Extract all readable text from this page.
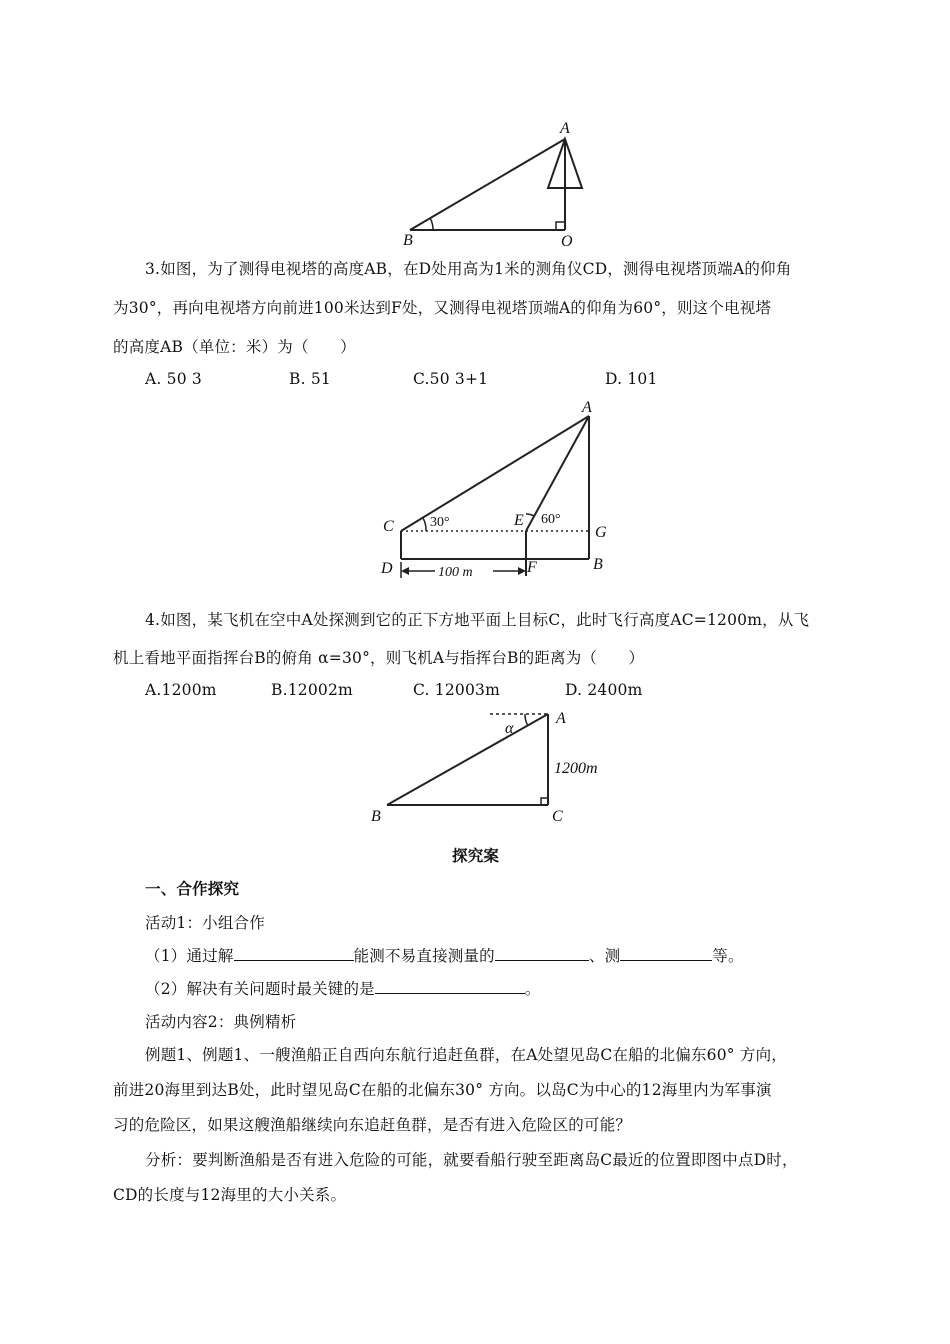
A
B	O
3.如图，为了测得电视塔的高度AB，在D处用高为1米的测角仪CD，测得电视塔顶端A的仰角
为30°，再向电视塔方向前进100米达到F处，又测得电视塔顶端A的仰角为60°，则这个电视塔
的高度AB（单位：米）为（　　）
A. 50 3	B. 51	C.50 3+1	D. 101
A
C	E
G
D	F	B
30°	60°
100 m
4.如图，某飞机在空中A处探测到它的正下方地平面上目标C，此时飞行高度AC=1200m，从飞
机上看地平面指挥台B的俯角 α=30°，则飞机A与指挥台B的距离为（　　）
A.1200m	B.12002m	C. 12003m	D. 2400m
α
A
1200m
B	C
探究案
一、合作探究
活动1：小组合作
（1）通过解	能测不易直接测量的	、测	等。
（2）解决有关问题时最关键的是	。
活动内容2：典例精析
例题1、例题1、一艘渔船正自西向东航行追赶鱼群，在A处望见岛C在船的北偏东60° 方向，
前进20海里到达B处，此时望见岛C在船的北偏东30° 方向。以岛C为中心的12海里内为军事演
习的危险区，如果这艘渔船继续向东追赶鱼群，是否有进入危险区的可能？
分析：要判断渔船是否有进入危险的可能，就要看船行驶至距离岛C最近的位置即图中点D时，
CD的长度与12海里的大小关系。
